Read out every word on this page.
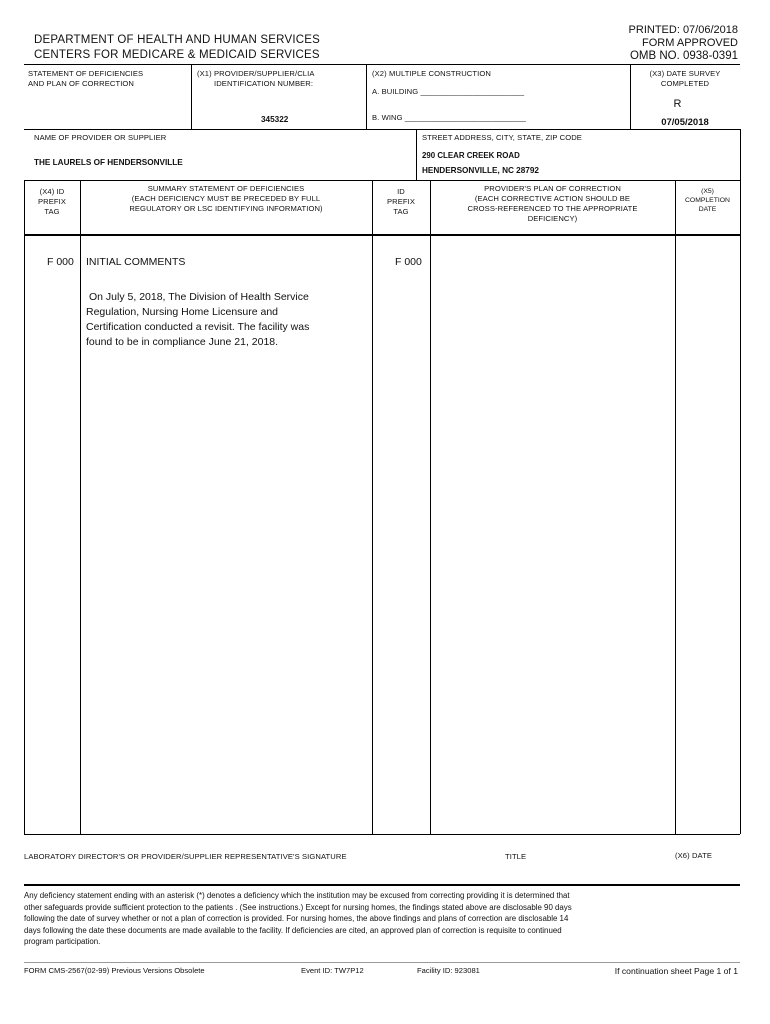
DEPARTMENT OF HEALTH AND HUMAN SERVICES
CENTERS FOR MEDICARE & MEDICAID SERVICES
PRINTED: 07/06/2018
FORM APPROVED
OMB NO. 0938-0391
STATEMENT OF DEFICIENCIES
AND PLAN OF CORRECTION
(X1) PROVIDER/SUPPLIER/CLIA
IDENTIFICATION NUMBER:
345322
(X2) MULTIPLE CONSTRUCTION
A. BUILDING ________________________
B. WING ____________________________
(X3) DATE SURVEY
COMPLETED
R
07/05/2018
NAME OF PROVIDER OR SUPPLIER
THE LAURELS OF HENDERSONVILLE
STREET ADDRESS, CITY, STATE, ZIP CODE
290 CLEAR CREEK ROAD
HENDERSONVILLE, NC 28792
(X4) ID
PREFIX
TAG
SUMMARY STATEMENT OF DEFICIENCIES
(EACH DEFICIENCY MUST BE PRECEDED BY FULL
REGULATORY OR LSC IDENTIFYING INFORMATION)
ID
PREFIX
TAG
PROVIDER'S PLAN OF CORRECTION
(EACH CORRECTIVE ACTION SHOULD BE
CROSS-REFERENCED TO THE APPROPRIATE
DEFICIENCY)
(X5)
COMPLETION
DATE
F 000 INITIAL COMMENTS	F 000
On July 5, 2018, The Division of Health Service
Regulation, Nursing Home Licensure and
Certification conducted a revisit. The facility was
found to be in compliance June 21, 2018.
LABORATORY DIRECTOR'S OR PROVIDER/SUPPLIER REPRESENTATIVE'S SIGNATURE	TITLE	(X6) DATE
Any deficiency statement ending with an asterisk (*) denotes a deficiency which the institution may be excused from correcting providing it is determined that
other safeguards provide sufficient protection to the patients . (See instructions.) Except for nursing homes, the findings stated above are disclosable 90 days
following the date of survey whether or not a plan of correction is provided. For nursing homes, the above findings and plans of correction are disclosable 14
days following the date these documents are made available to the facility. If deficiencies are cited, an approved plan of correction is requisite to continued
program participation.
FORM CMS-2567(02-99) Previous Versions Obsolete	Event ID: TW7P12	Facility ID: 923081	If continuation sheet Page 1 of 1
